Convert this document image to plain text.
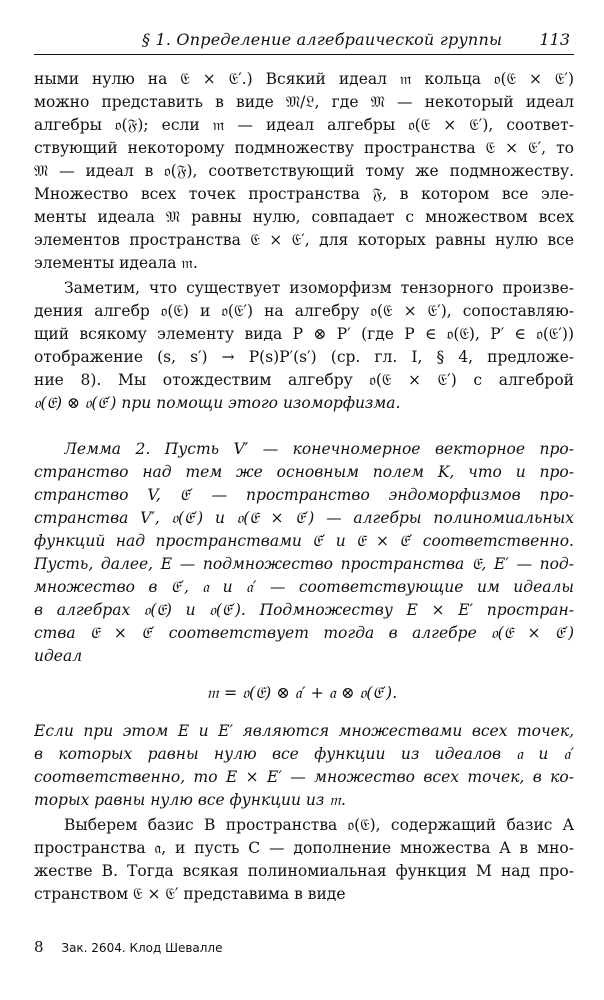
§ 1. Определение алгебраической группы 113
ными нулю на 𝔈 × 𝔈′.) Всякий идеал 𝔪 кольца 𝔬(𝔈 × 𝔈′)
можно представить в виде 𝔐/𝔏, где 𝔐 — некоторый идеал
алгебры 𝔬(𝔉); если 𝔪 — идеал алгебры 𝔬(𝔈 × 𝔈′), соответ-
ствующий некоторому подмножеству пространства 𝔈 × 𝔈′, то
𝔐 — идеал в 𝔬(𝔉), соответствующий тому же подмножеству.
Множество всех точек пространства 𝔉, в котором все эле-
менты идеала 𝔐 равны нулю, совпадает с множеством всех
элементов пространства 𝔈 × 𝔈′, для которых равны нулю все
элементы идеала 𝔪.
Заметим, что существует изоморфизм тензорного произве-
дения алгебр 𝔬(𝔈) и 𝔬(𝔈′) на алгебру 𝔬(𝔈 × 𝔈′), сопоставляю-
щий всякому элементу вида P ⊗ P′ (где P ∈ 𝔬(𝔈), P′ ∈ 𝔬(𝔈′))
отображение (s, s′) → P(s)P′(s′) (ср. гл. I, § 4, предложе-
ние 8). Мы отождествим алгебру 𝔬(𝔈 × 𝔈′) с алгеброй
𝔬(𝔈) ⊗ 𝔬(𝔈′) при помощи этого изоморфизма.
Лемма 2. Пусть V′ — конечномерное векторное про-
странство над тем же основным полем K, что и про-
странство V, 𝔈′ — пространство эндоморфизмов про-
странства V′, 𝔬(𝔈′) и 𝔬(𝔈 × 𝔈′) — алгебры полиномиальных
функций над пространствами 𝔈′ и 𝔈 × 𝔈′ соответственно.
Пусть, далее, E — подмножество пространства 𝔈, E′ — под-
множество в 𝔈′, 𝔞 и 𝔞′ — соответствующие им идеалы
в алгебрах 𝔬(𝔈) и 𝔬(𝔈′). Подмножеству E × E′ простран-
ства 𝔈 × 𝔈′ соответствует тогда в алгебре 𝔬(𝔈 × 𝔈′)
идеал
𝔪 = 𝔬(𝔈) ⊗ 𝔞′ + 𝔞 ⊗ 𝔬(𝔈′).
Если при этом E и E′ являются множествами всех точек,
в которых равны нулю все функции из идеалов 𝔞 и 𝔞′
соответственно, то E × E′ — множество всех точек, в ко-
торых равны нулю все функции из 𝔪.
Выберем базис B пространства 𝔬(𝔈), содержащий базис A
пространства 𝔞, и пусть C — дополнение множества A в мно-
жестве B. Тогда всякая полиномиальная функция M над про-
странством 𝔈 × 𝔈′ представима в виде
8 Зак. 2604. Клод Шевалле
